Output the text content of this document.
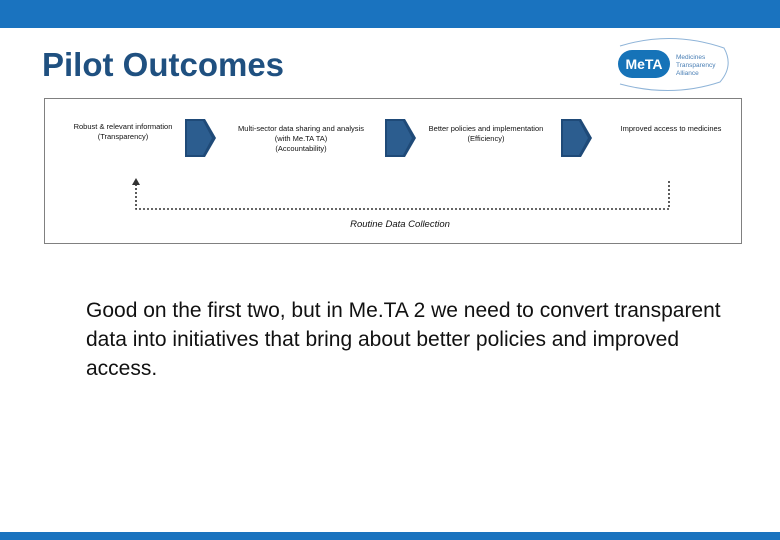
Pilot Outcomes	MeTA	Medicines
Transparency
Alliance
Robust & relevant information
(Transparency)
Multi-sector data sharing and analysis
(with Me.TA TA)
(Accountability)
Better policies and implementation
(Efficiency)
Improved access to medicines
Routine Data Collection

Good on the first two, but in Me.TA 2 we need to convert transparent data into initiatives that bring about better policies and improved access.
